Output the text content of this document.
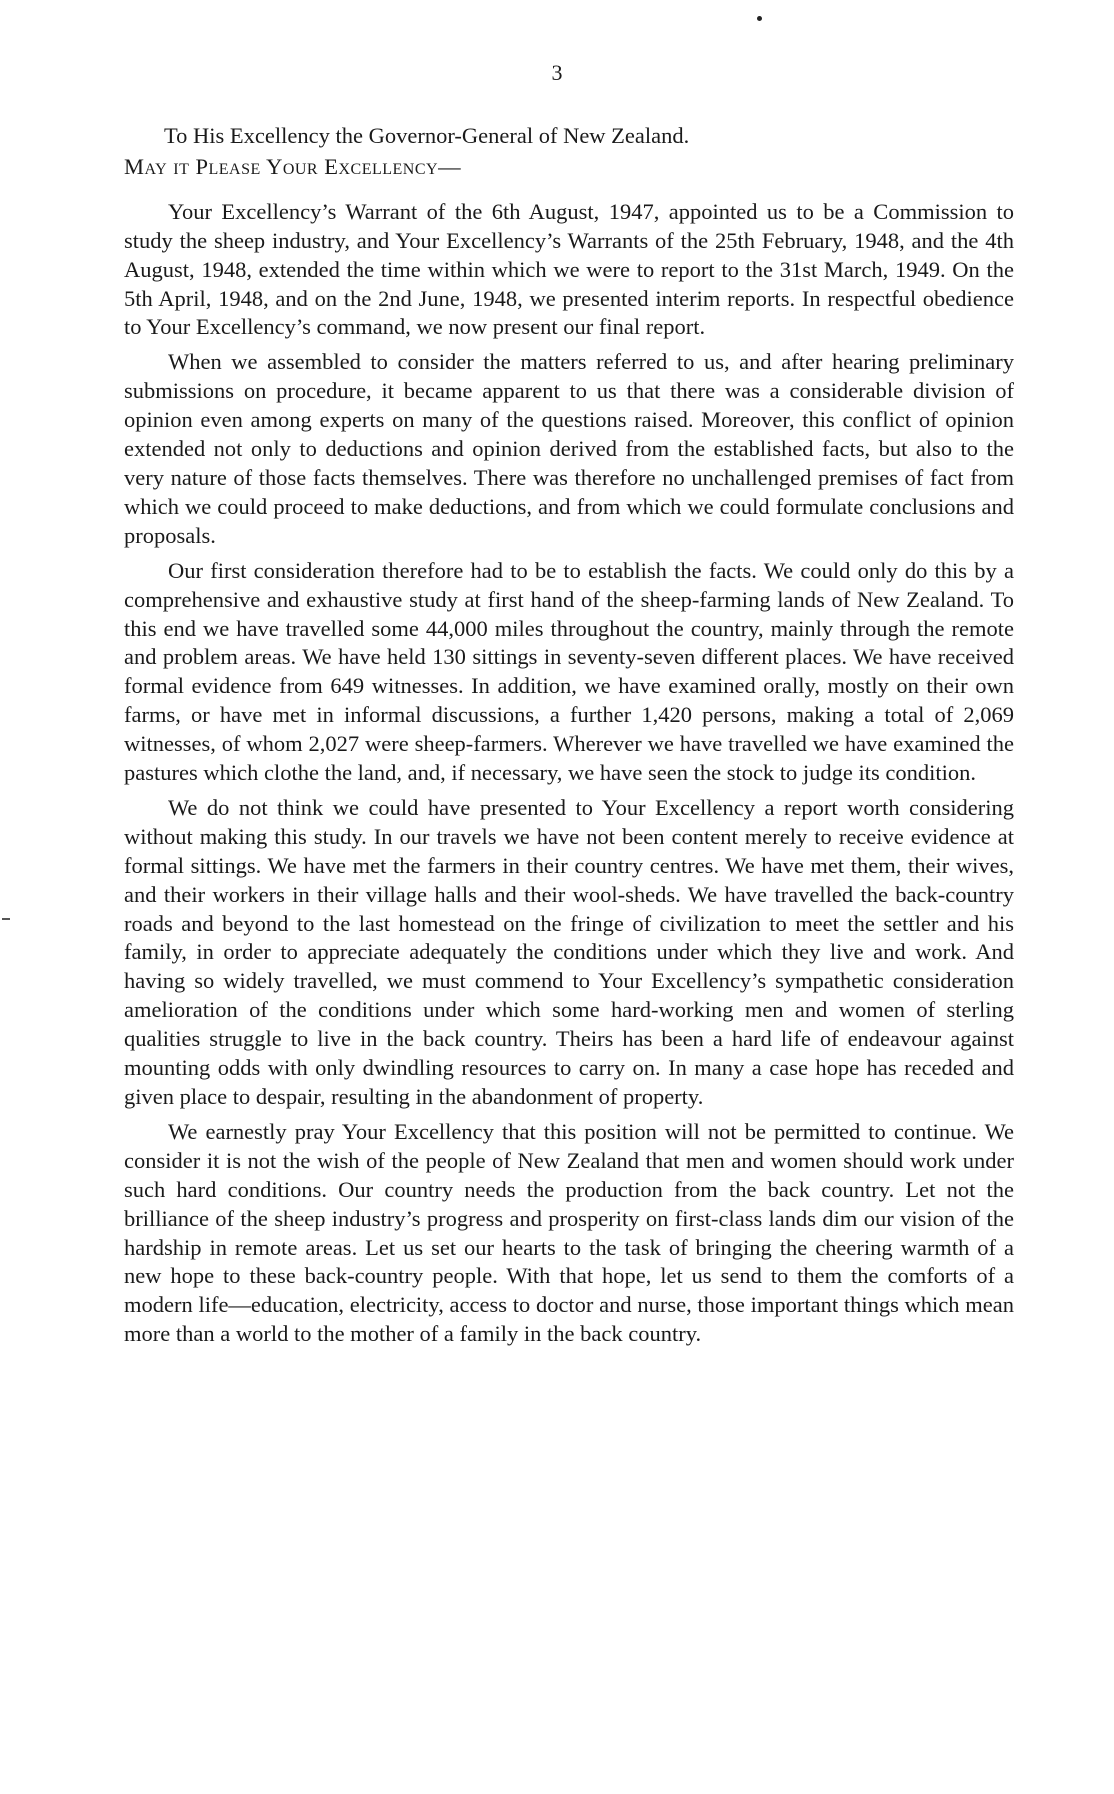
3

To His Excellency the Governor-General of New Zealand.

May it Please Your Excellency—

Your Excellency’s Warrant of the 6th August, 1947, appointed us to be a Commission to study the sheep industry, and Your Excellency’s Warrants of the 25th February, 1948, and the 4th August, 1948, extended the time within which we were to report to the 31st March, 1949. On the 5th April, 1948, and on the 2nd June, 1948, we presented interim reports. In respectful obedience to Your Excellency’s command, we now present our final report.

When we assembled to consider the matters referred to us, and after hearing preliminary submissions on procedure, it became apparent to us that there was a considerable division of opinion even among experts on many of the questions raised. Moreover, this conflict of opinion extended not only to deductions and opinion derived from the established facts, but also to the very nature of those facts themselves. There was therefore no unchallenged premises of fact from which we could proceed to make deductions, and from which we could formulate conclusions and proposals.

Our first consideration therefore had to be to establish the facts. We could only do this by a comprehensive and exhaustive study at first hand of the sheep-farming lands of New Zealand. To this end we have travelled some 44,000 miles throughout the country, mainly through the remote and problem areas. We have held 130 sittings in seventy-seven different places. We have received formal evidence from 649 witnesses. In addition, we have examined orally, mostly on their own farms, or have met in informal discussions, a further 1,420 persons, making a total of 2,069 witnesses, of whom 2,027 were sheep-farmers. Wherever we have travelled we have examined the pastures which clothe the land, and, if necessary, we have seen the stock to judge its condition.

We do not think we could have presented to Your Excellency a report worth considering without making this study. In our travels we have not been content merely to receive evidence at formal sittings. We have met the farmers in their country centres. We have met them, their wives, and their workers in their village halls and their wool-sheds. We have travelled the back-country roads and beyond to the last homestead on the fringe of civilization to meet the settler and his family, in order to appreciate adequately the conditions under which they live and work. And having so widely travelled, we must commend to Your Excellency’s sympathetic consideration amelioration of the conditions under which some hard-working men and women of sterling qualities struggle to live in the back country. Theirs has been a hard life of endeavour against mounting odds with only dwindling resources to carry on. In many a case hope has receded and given place to despair, resulting in the abandonment of property.

We earnestly pray Your Excellency that this position will not be permitted to continue. We consider it is not the wish of the people of New Zealand that men and women should work under such hard conditions. Our country needs the production from the back country. Let not the brilliance of the sheep industry’s progress and prosperity on first-class lands dim our vision of the hardship in remote areas. Let us set our hearts to the task of bringing the cheering warmth of a new hope to these back-country people. With that hope, let us send to them the comforts of a modern life—education, electricity, access to doctor and nurse, those important things which mean more than a world to the mother of a family in the back country.
